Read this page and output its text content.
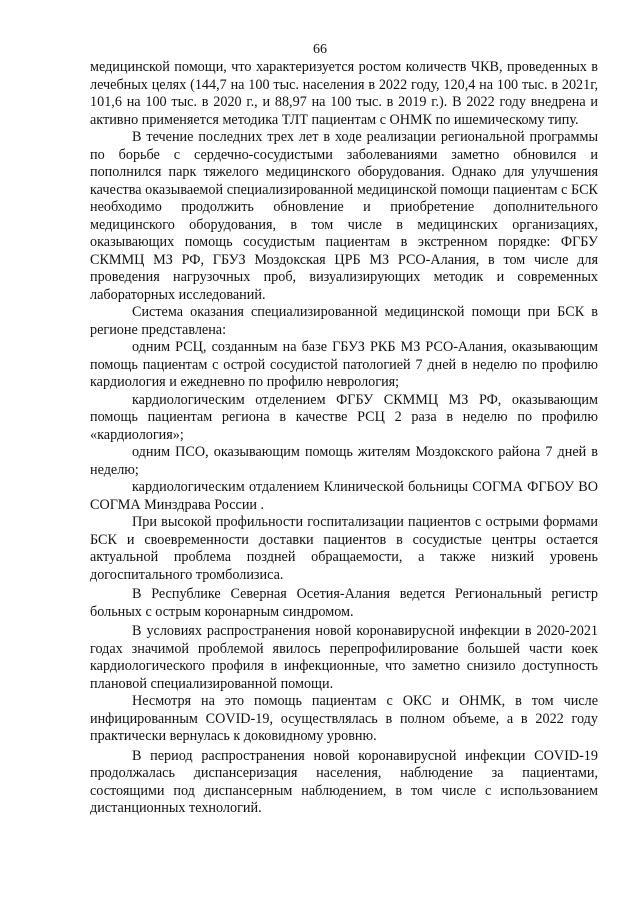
66

медицинской помощи, что характеризуется ростом количеств ЧКВ, проведенных в лечебных целях (144,7 на 100 тыс. населения в 2022 году, 120,4 на 100 тыс. в 2021г, 101,6 на 100 тыс. в 2020 г., и 88,97 на 100 тыс. в 2019 г.). В 2022 году внедрена и активно применяется методика ТЛТ пациентам с ОНМК по ишемическому типу.

В течение последних трех лет в ходе реализации региональной программы по борьбе с сердечно-сосудистыми заболеваниями заметно обновился и пополнился парк тяжелого медицинского оборудования. Однако для улучшения качества оказываемой специализированной медицинской помощи пациентам с БСК необходимо продолжить обновление и приобретение дополнительного медицинского оборудования, в том числе в медицинских организациях, оказывающих помощь сосудистым пациентам в экстренном порядке: ФГБУ СКММЦ МЗ РФ, ГБУЗ Моздокская ЦРБ МЗ РСО-Алания, в том числе для проведения нагрузочных проб, визуализирующих методик и современных лабораторных исследований.

Система оказания специализированной медицинской помощи при БСК в регионе представлена:

одним РСЦ, созданным на базе ГБУЗ РКБ МЗ РСО-Алания, оказывающим помощь пациентам с острой сосудистой патологией 7 дней в неделю по профилю кардиология и ежедневно по профилю неврология;

кардиологическим отделением ФГБУ СКММЦ МЗ РФ, оказывающим помощь пациентам региона в качестве РСЦ 2 раза в неделю по профилю «кардиология»;

одним ПСО, оказывающим помощь жителям Моздокского района 7 дней в неделю;

кардиологическим отдалением Клинической больницы СОГМА ФГБОУ ВО СОГМА Минздрава России .

При высокой профильности госпитализации пациентов с острыми формами БСК и своевременности доставки пациентов в сосудистые центры остается актуальной проблема поздней обращаемости, а также низкий уровень догоспитального тромболизиса.

В Республике Северная Осетия-Алания ведется Региональный регистр больных с острым коронарным синдромом.

В условиях распространения новой коронавирусной инфекции в 2020-2021 годах значимой проблемой явилось перепрофилирование большей части коек кардиологического профиля в инфекционные, что заметно снизило доступность плановой специализированной помощи.

Несмотря на это помощь пациентам с ОКС и ОНМК, в том числе инфицированным COVID-19, осуществлялась в полном объеме, а в 2022 году практически вернулась к доковидному уровню.

В период распространения новой коронавирусной инфекции COVID-19 продолжалась диспансеризация населения, наблюдение за пациентами, состоящими под диспансерным наблюдением, в том числе с использованием дистанционных технологий.
